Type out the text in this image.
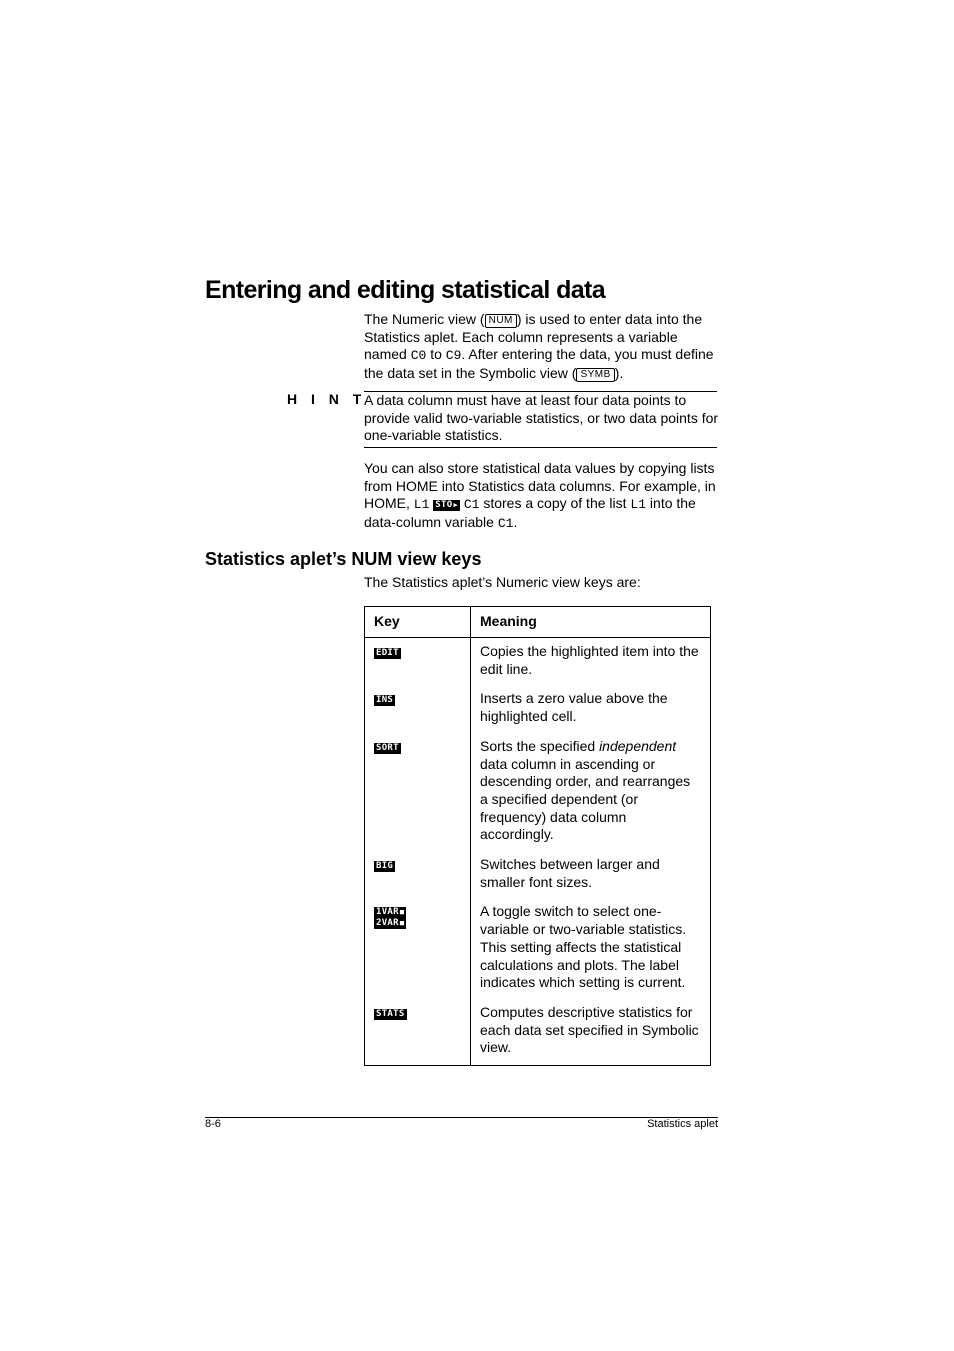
Entering and editing statistical data

The Numeric view ( NUM ) is used to enter data into the Statistics aplet. Each column represents a variable named C0 to C9. After entering the data, you must define the data set in the Symbolic view ( SYMB ).

H I N T

A data column must have at least four data points to provide valid two-variable statistics, or two data points for one-variable statistics.

You can also store statistical data values by copying lists from HOME into Statistics data columns. For example, in HOME, L1 STO ▶ C1 stores a copy of the list L1 into the data-column variable C1.

Statistics aplet’s NUM view keys

The Statistics aplet’s Numeric view keys are:

Key	Meaning
EDIT	Copies the highlighted item into the edit line.
INS	Inserts a zero value above the highlighted cell.
SORT	Sorts the specified independent data column in ascending or descending order, and rearranges a specified dependent (or frequency) data column accordingly.
BIG	Switches between larger and smaller font sizes.

1VAR ■
2VAR ■	A toggle switch to select one-variable or two-variable statistics. This setting affects the statistical calculations and plots. The label indicates which setting is current.
STATS	Computes descriptive statistics for each data set specified in Symbolic view.
8-6	Statistics aplet
